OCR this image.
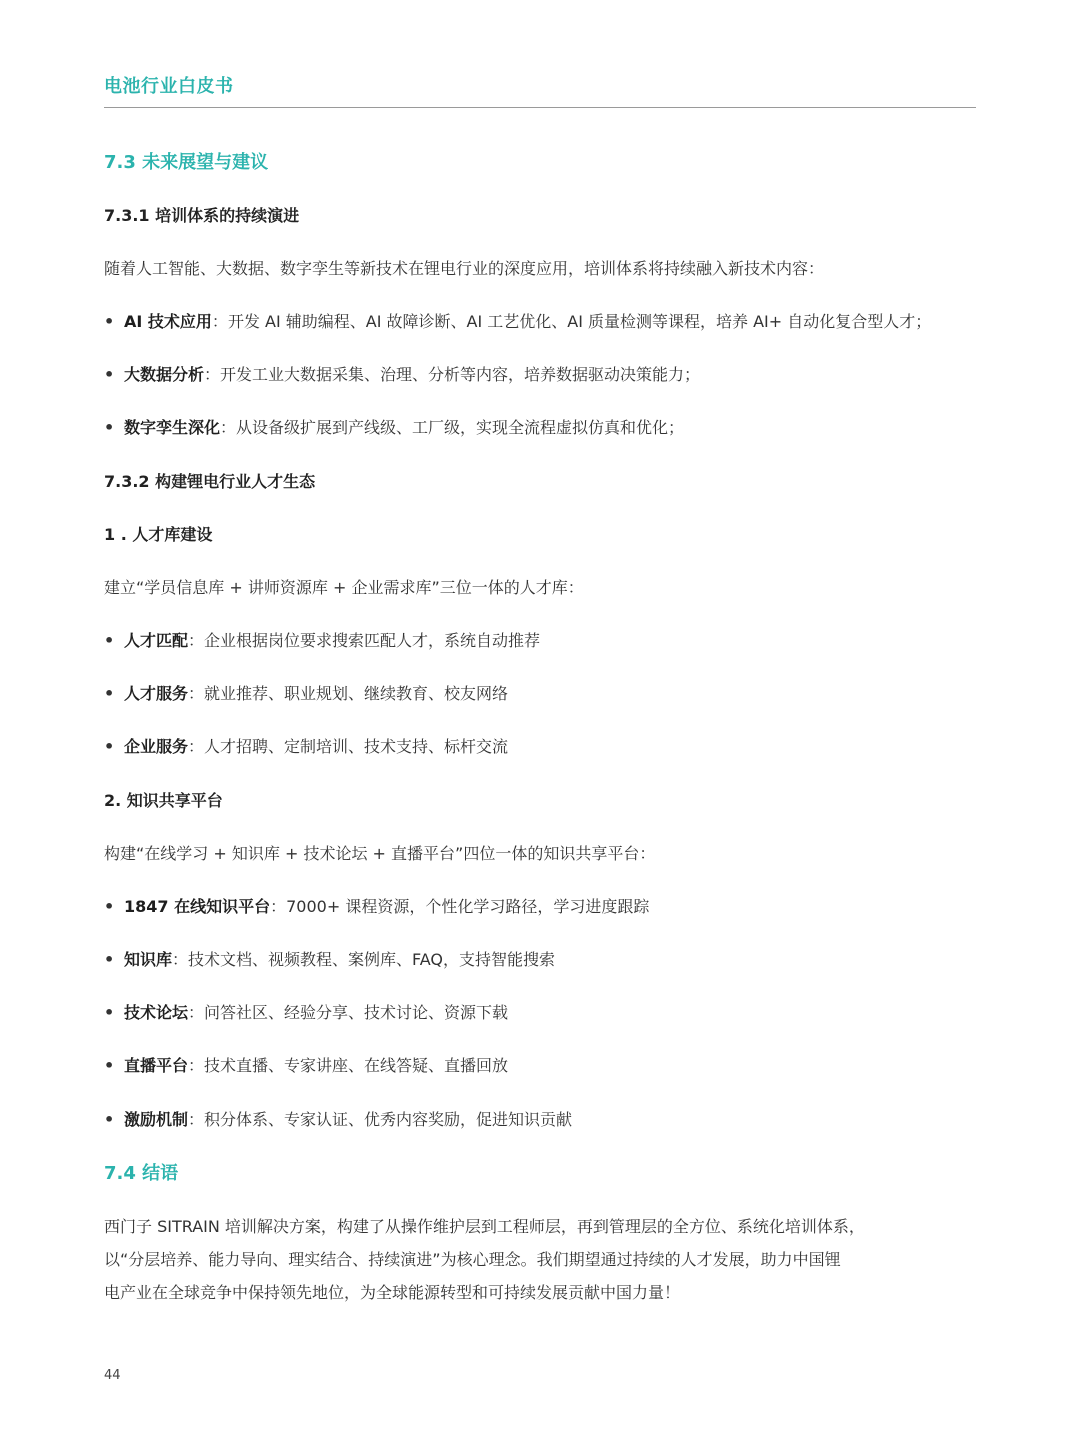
电池行业白皮书
7.3 未来展望与建议
7.3.1 培训体系的持续演进
随着人工智能、大数据、数字孪生等新技术在锂电行业的深度应用，培训体系将持续融入新技术内容：
• AI 技术应用：开发 AI 辅助编程、AI 故障诊断、AI 工艺优化、AI 质量检测等课程，培养 AI+ 自动化复合型人才；
• 大数据分析：开发工业大数据采集、治理、分析等内容，培养数据驱动决策能力；
• 数字孪生深化：从设备级扩展到产线级、工厂级，实现全流程虚拟仿真和优化；
7.3.2 构建锂电行业人才生态
1 . 人才库建设
建立“学员信息库 + 讲师资源库 + 企业需求库”三位一体的人才库：
• 人才匹配：企业根据岗位要求搜索匹配人才，系统自动推荐
• 人才服务：就业推荐、职业规划、继续教育、校友网络
• 企业服务：人才招聘、定制培训、技术支持、标杆交流
2. 知识共享平台
构建“在线学习 + 知识库 + 技术论坛 + 直播平台”四位一体的知识共享平台：
• 1847 在线知识平台：7000+ 课程资源，个性化学习路径，学习进度跟踪
• 知识库：技术文档、视频教程、案例库、FAQ，支持智能搜索
• 技术论坛：问答社区、经验分享、技术讨论、资源下载
• 直播平台：技术直播、专家讲座、在线答疑、直播回放
• 激励机制：积分体系、专家认证、优秀内容奖励，促进知识贡献
7.4 结语
西门子 SITRAIN 培训解决方案，构建了从操作维护层到工程师层，再到管理层的全方位、系统化培训体系，
以“分层培养、能力导向、理实结合、持续演进”为核心理念。我们期望通过持续的人才发展，助力中国锂
电产业在全球竞争中保持领先地位，为全球能源转型和可持续发展贡献中国力量！
44
